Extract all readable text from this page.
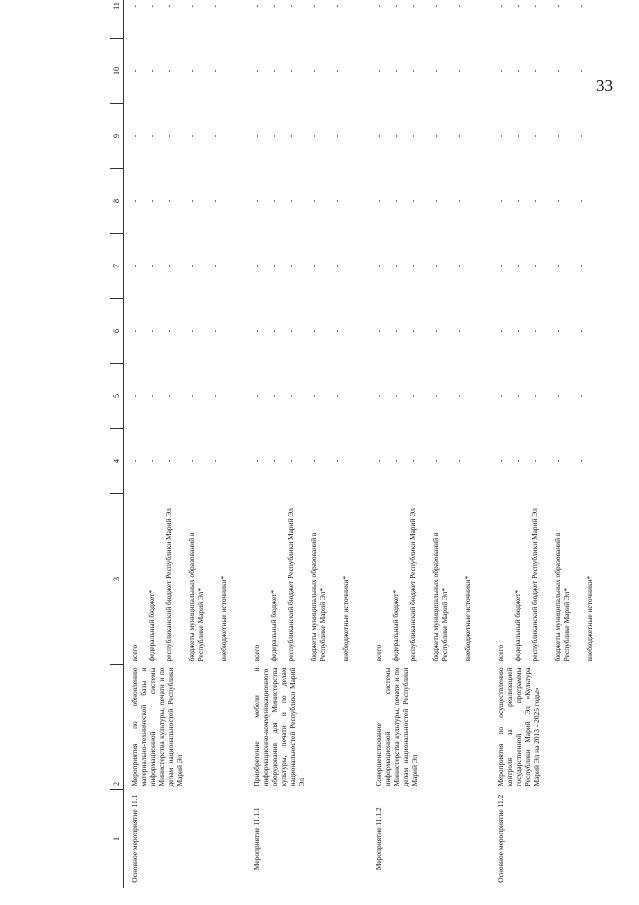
33
1	2	3	4	5	6	7	8	9	10	11
Основное мероприятие 11.1	Мероприятия по обновлению материально-технической базы и информационной системы Министерства культуры, печати и по делам национальностей Республики Марий Эл	всего федеральный бюджет* республиканский бюджет Республики Марий Эл бюджеты муниципальных образований в Республике Марий Эл* внебюджетные источники*	- - - - -	- - - - -	- - - - -	- - - - -	- - - - -	- - - - -	- - - - -	- - - - -

Мероприятие 11.1.1	Приобретение мебели и информационно-коммуникационного оборудования для Министерства культуры, печати и по делам национальностей Республики Марий Эл	всего федеральный бюджет* республиканский бюджет Республики Марий Эл бюджеты муниципальных образований в Республике Марий Эл* внебюджетные источники*	- - - - -	- - - - -	- - - - -	- - - - -	- - - - -	- - - - -	- - - - -	- - - - -

Мероприятие 11.1.2	Совершенствование информационной системы Министерства культуры, печати и по делам национальностей Республики Марий Эл	всего федеральный бюджет* республиканский бюджет Республики Марий Эл бюджеты муниципальных образований в Республике Марий Эл* внебюджетные источники*	- - - - -	- - - - -	- - - - -	- - - - -	- - - - -	- - - - -	- - - - -	- - - - -

Основное мероприятие 11.2	Мероприятия по осуществлению контроля за реализацией государственной программы Республики Марий Эл «Культура Марий Эл на 2013 - 2025 годы»	всего федеральный бюджет* республиканский бюджет Республики Марий Эл бюджеты муниципальных образований в Республике Марий Эл* внебюджетные источники*	- - - - -	- - - - -	- - - - -	- - - - -	- - - - -	- - - - -	- - - - -	- - - - -
